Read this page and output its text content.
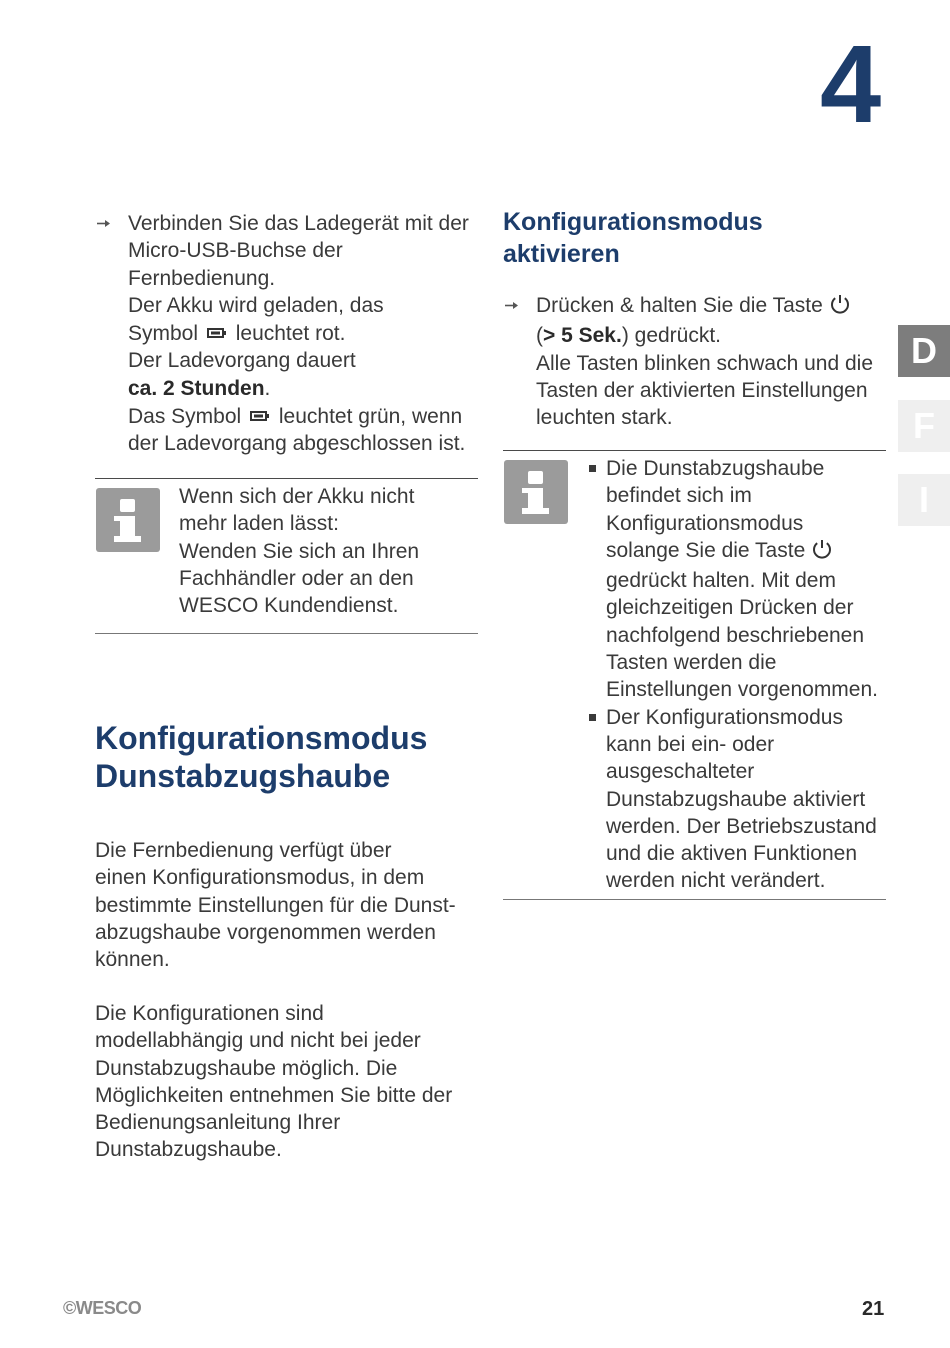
4
D
F
I
Verbinden Sie das Ladegerät mit der
Micro-USB-Buchse der
Fernbedienung.
Der Akku wird geladen, das
Symbol leuchtet rot.
Der Ladevorgang dauert
ca. 2 Stunden.
Das Symbol leuchtet grün, wenn
der Ladevorgang abgeschlossen ist.
Wenn sich der Akku nicht
mehr laden lässt:
Wenden Sie sich an Ihren
Fachhändler oder an den
WESCO Kundendienst.
Konfigurationsmodus
Dunstabzugshaube
Die Fernbedienung verfügt über
einen Konfigurationsmodus, in dem
bestimmte Einstellungen für die Dunst-
abzugshaube vorgenommen werden
können.
Die Konfigurationen sind
modellabhängig und nicht bei jeder
Dunstabzugshaube möglich. Die
Möglichkeiten entnehmen Sie bitte der
Bedienungsanleitung Ihrer
Dunstabzugshaube.
Konfigurationsmodus
aktivieren
Drücken & halten Sie die Taste
(> 5 Sek.) gedrückt.
Alle Tasten blinken schwach und die
Tasten der aktivierten Einstellungen
leuchten stark.
Die Dunstabzugshaube
befindet sich im
Konfigurationsmodus
solange Sie die Taste
gedrückt halten. Mit dem
gleichzeitigen Drücken der
nachfolgend beschriebenen
Tasten werden die
Einstellungen vorgenommen.
Der Konfigurationsmodus
kann bei ein- oder
ausgeschalteter
Dunstabzugshaube aktiviert
werden. Der Betriebszustand
und die aktiven Funktionen
werden nicht verändert.
©WESCO	21
